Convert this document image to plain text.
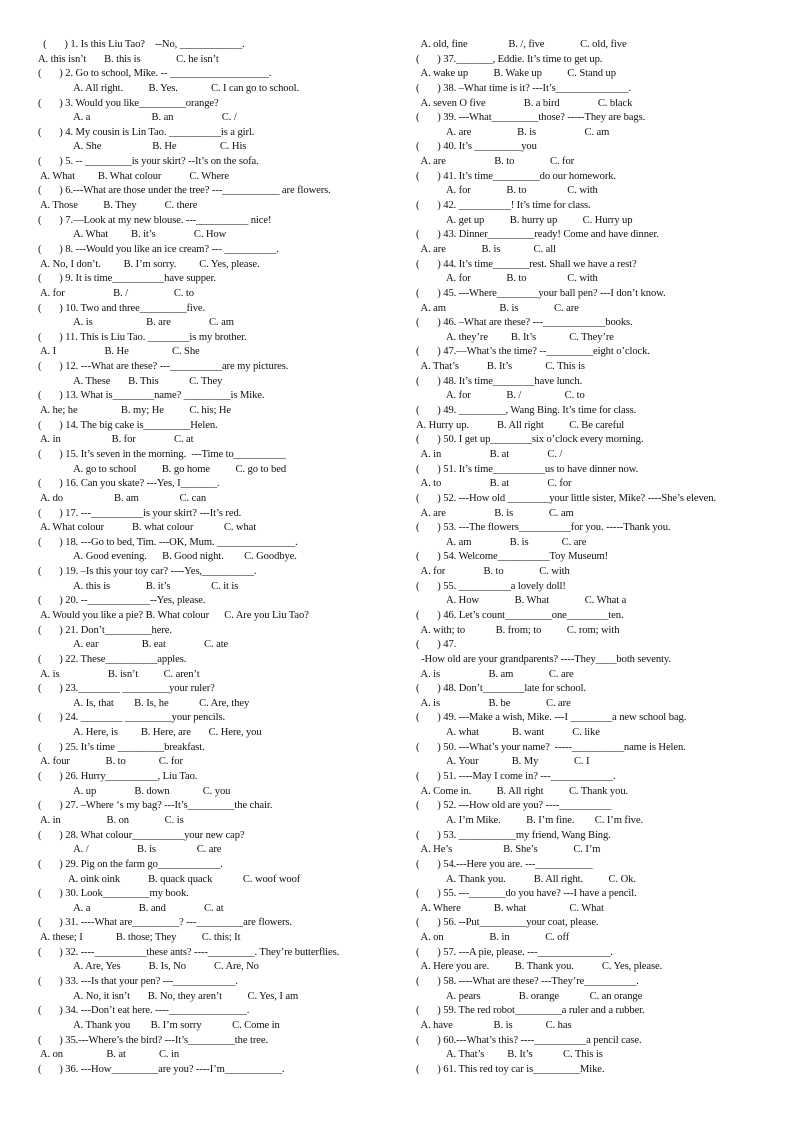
(       ) 1. Is this Liu Tao?    --No, ____________.
A. this isn’t       B. this is              C. he isn’t
(       ) 2. Go to school, Mike. -- ___________________.
A. All right.          B. Yes.             C. I can go to school.
(       ) 3. Would you like_________orange?
A. a                        B. an                   C. /
(       ) 4. My cousin is Lin Tao. __________is a girl.
A. She                    B. He                 C. His
(       ) 5. -- _________is your skirt? --It’s on the sofa.
A. What         B. What colour           C. Where
(       ) 6.---What are those under the tree? ---___________ are flowers.
A. Those          B. They           C. there
(       ) 7.—Look at my new blouse. ---__________ nice!
A. What         B. it’s               C. How
(       ) 8. ---Would you like an ice cream? --- __________.
A. No, I don’t.         B. I’m sorry.         C. Yes, please.
(       ) 9. It is time__________have supper.
A. for                   B. /                  C. to
(       ) 10. Two and three_________five.
A. is                     B. are               C. am
(       ) 11. This is Liu Tao. ________is my brother.
A. I                   B. He                 C. She
(       ) 12. ---What are these? ---__________are my pictures.
A. These       B. This            C. They
(       ) 13. What is________name? _________is Mike.
A. he; he                 B. my; He          C. his; He
(       ) 14. The big cake is_________Helen.
A. in                    B. for               C. at
(       ) 15. It’s seven in the morning.  ---Time to__________
A. go to school          B. go home          C. go to bed
(       ) 16. Can you skate? ---Yes, I_______.
A. do                    B. am                C. can
(       ) 17. ---__________is your skirt? ---It’s red.
A. What colour           B. what colour            C. what
(       ) 18. ---Go to bed, Tim. ---OK, Mum. _______________.
A. Good evening.      B. Good night.        C. Goodbye.
(       ) 19. –Is this your toy car? ----Yes,__________.
A. this is              B. it’s                C. it is
(       ) 20. --____________--Yes, please.
A. Would you like a pie? B. What colour      C. Are you Liu Tao?
(       ) 21. Don’t_________here.
A. ear                 B. eat               C. ate
(       ) 22. These__________apples.
A. is                   B. isn’t          C. aren’t
(       ) 23.________ _________your ruler?
A. Is, that        B. Is, he            C. Are, they
(       ) 24. ________ _________your pencils.
A. Here, is         B. Here, are       C. Here, you
(       ) 25. It’s time _________breakfast.
A. four              B. to             C. for
(       ) 26. Hurry__________, Liu Tao.
A. up               B. down             C. you
(       ) 27. –Where ‘s my bag? ---It’s_________the chair.
A. in                  B. on              C. is
(       ) 28. What colour__________your new cap?
A. /                   B. is                C. are
(       ) 29. Pig on the farm go____________.
A. oink oink           B. quack quack            C. woof woof
(       ) 30. Look_________my book.
A. a                   B. and               C. at
(       ) 31. ----What are_________? ---_________are flowers.
A. these; I             B. those; They          C. this; It
(       ) 32. ----__________these ants? ----_________. They’re butterflies.
A. Are, Yes           B. Is, No           C. Are, No
(       ) 33. ---Is that your pen? ---____________.
A. No, it isn’t       B. No, they aren’t          C. Yes, I am
(       ) 34. ---Don’t eat here. ----_______________.
A. Thank you        B. I’m sorry            C. Come in
(       ) 35.---Where’s the bird? ---It’s_________the tree.
A. on                 B. at             C. in
(       ) 36. ---How_________are you? ----I’m___________.
A. old, fine                B. /, five              C. old, five
(       ) 37._______, Eddie. It’s time to get up.
A. wake up          B. Wake up          C. Stand up
(       ) 38. –What time is it? ---It’s______________.
A. seven O five               B. a bird               C. black
(       ) 39. ---What_________those? -----They are bags.
A. are                  B. is                   C. am
(       ) 40. It’s _________you
A. are                   B. to              C. for
(       ) 41. It’s time_________do our homework.
A. for              B. to                C. with
(       ) 42. __________! It’s time for class.
A. get up          B. hurry up          C. Hurry up
(       ) 43. Dinner_________ready! Come and have dinner.
A. are              B. is             C. all
(       ) 44. It’s time_______rest. Shall we have a rest?
A. for              B. to                C. with
(       ) 45. ---Where________your ball pen? ---I don’t know.
A. am                     B. is              C. are
(       ) 46. –What are these? ---____________books.
A. they’re         B. It’s             C. They’re
(       ) 47.—What’s the time? --_________eight o’clock.
A. That’s           B. It’s             C. This is
(       ) 48. It’s time________have lunch.
A. for              B. /                 C. to
(       ) 49. _________, Wang Bing. It’s time for class.
A. Hurry up.           B. All right          C. Be careful
(       ) 50. I get up________six o’clock every morning.
A. in                   B. at               C. /
(       ) 51. It’s time__________us to have dinner now.
A. to                   B. at               C. for
(       ) 52. ---How old ________your little sister, Mike? ----She’s eleven.
A. are                   B. is              C. am
(       ) 53. ---The flowers__________for you. -----Thank you.
A. am               B. is             C. are
(       ) 54. Welcome__________Toy Museum!
A. for               B. to              C. with
(       ) 55. __________a lovely doll!
A. How              B. What              C. What a
(       ) 46. Let’s count_________one________ten.
A. with; to            B. from; to          C. rom; with
(       ) 47.
-How old are your grandparents? ----They____both seventy.
A. is                   B. am              C. are
(       ) 48. Don’t________late for school.
A. is                   B. be              C. are
(       ) 49. ---Make a wish, Mike. ---I ________a new school bag.
A. what             B. want           C. like
(       ) 50. ---What’s your name?  -----__________name is Helen.
A. Your             B. My              C. I
(       ) 51. ----May I come in? ---____________.
A. Come in.          B. All right          C. Thank you.
(       ) 52. ---How old are you? ----__________
A. I’m Mike.          B. I’m fine.        C. I’m five.
(       ) 53. ___________my friend, Wang Bing.
A. He’s                    B. She’s              C. I’m
(       ) 54.---Here you are. ---___________
A. Thank you.           B. All right.          C. Ok.
(       ) 55. ---_______do you have? ---I have a pencil.
A. Where             B. what                 C. What
(       ) 56. --Put_________your coat, please.
A. on                  B. in              C. off
(       ) 57. ---A pie, please. ---______________.
A. Here you are.          B. Thank you.           C. Yes, please.
(       ) 58. ----What are these? ---They’re__________.
A. pears               B. orange            C. an orange
(       ) 59. The red robot_________a ruler and a rubber.
A. have                B. is             C. has
(       ) 60.---What’s this? ----__________a pencil case.
A. That’s         B. It’s            C. This is
(       ) 61. This red toy car is_________Mike.
